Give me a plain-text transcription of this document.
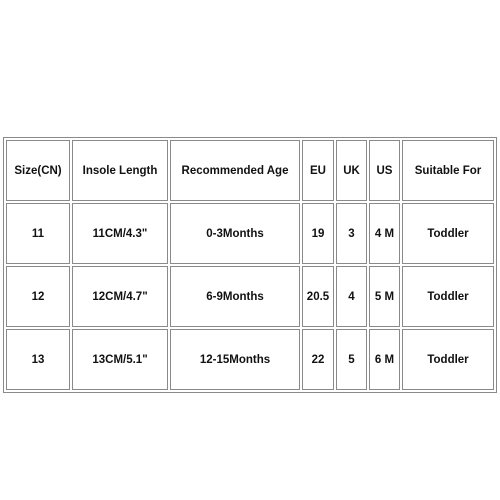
Size(CN)	Insole Length	Recommended Age	EU	UK	US	Suitable For
11	11CM/4.3"	0-3Months	19	3	4 M	Toddler
12	12CM/4.7"	6-9Months	20.5	4	5 M	Toddler
13	13CM/5.1"	12-15Months	22	5	6 M	Toddler
